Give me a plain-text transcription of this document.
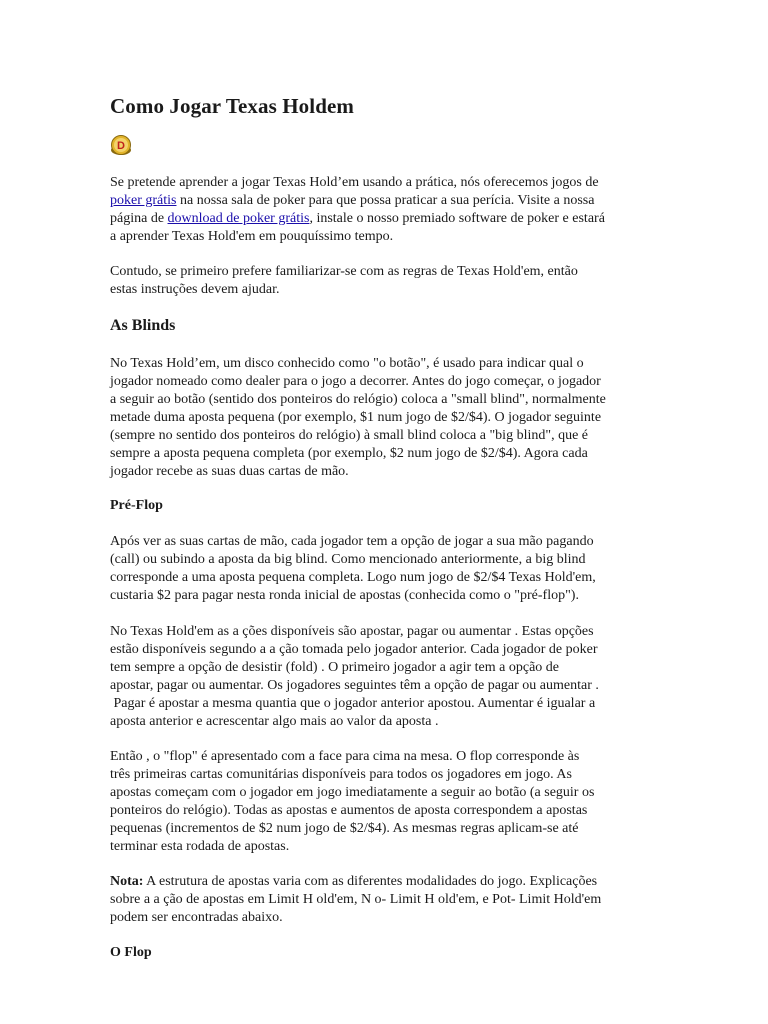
Como Jogar Texas Holdem
D
Se pretende aprender a jogar Texas Hold’em usando a prática, nós oferecemos jogos de
poker grátis na nossa sala de poker para que possa praticar a sua perícia. Visite a nossa
página de download de poker grátis, instale o nosso premiado software de poker e estará
a aprender Texas Hold'em em pouquíssimo tempo.
Contudo, se primeiro prefere familiarizar-se com as regras de Texas Hold'em, então
estas instruções devem ajudar.
As Blinds
No Texas Hold’em, um disco conhecido como "o botão", é usado para indicar qual o
jogador nomeado como dealer para o jogo a decorrer. Antes do jogo começar, o jogador
a seguir ao botão (sentido dos ponteiros do relógio) coloca a "small blind", normalmente
metade duma aposta pequena (por exemplo, $1 num jogo de $2/$4). O jogador seguinte
(sempre no sentido dos ponteiros do relógio) à small blind coloca a "big blind", que é
sempre a aposta pequena completa (por exemplo, $2 num jogo de $2/$4). Agora cada
jogador recebe as suas duas cartas de mão.
Pré-Flop
Após ver as suas cartas de mão, cada jogador tem a opção de jogar a sua mão pagando
(call) ou subindo a aposta da big blind. Como mencionado anteriormente, a big blind
corresponde a uma aposta pequena completa. Logo num jogo de $2/$4 Texas Hold'em,
custaria $2 para pagar nesta ronda inicial de apostas (conhecida como o "pré-flop").
No Texas Hold'em as a ções disponíveis são apostar, pagar ou aumentar . Estas opções
estão disponíveis segundo a a ção tomada pelo jogador anterior. Cada jogador de poker
tem sempre a opção de desistir (fold) . O primeiro jogador a agir tem a opção de
apostar, pagar ou aumentar. Os jogadores seguintes têm a opção de pagar ou aumentar .
Pagar é apostar a mesma quantia que o jogador anterior apostou. Aumentar é igualar a
aposta anterior e acrescentar algo mais ao valor da aposta .
Então , o "flop" é apresentado com a face para cima na mesa. O flop corresponde às
três primeiras cartas comunitárias disponíveis para todos os jogadores em jogo. As
apostas começam com o jogador em jogo imediatamente a seguir ao botão (a seguir os
ponteiros do relógio). Todas as apostas e aumentos de aposta correspondem a apostas
pequenas (incrementos de $2 num jogo de $2/$4). As mesmas regras aplicam-se até
terminar esta rodada de apostas.
Nota: A estrutura de apostas varia com as diferentes modalidades do jogo. Explicações
sobre a a ção de apostas em Limit H old'em, N o- Limit H old'em, e Pot- Limit Hold'em
podem ser encontradas abaixo.
O Flop
